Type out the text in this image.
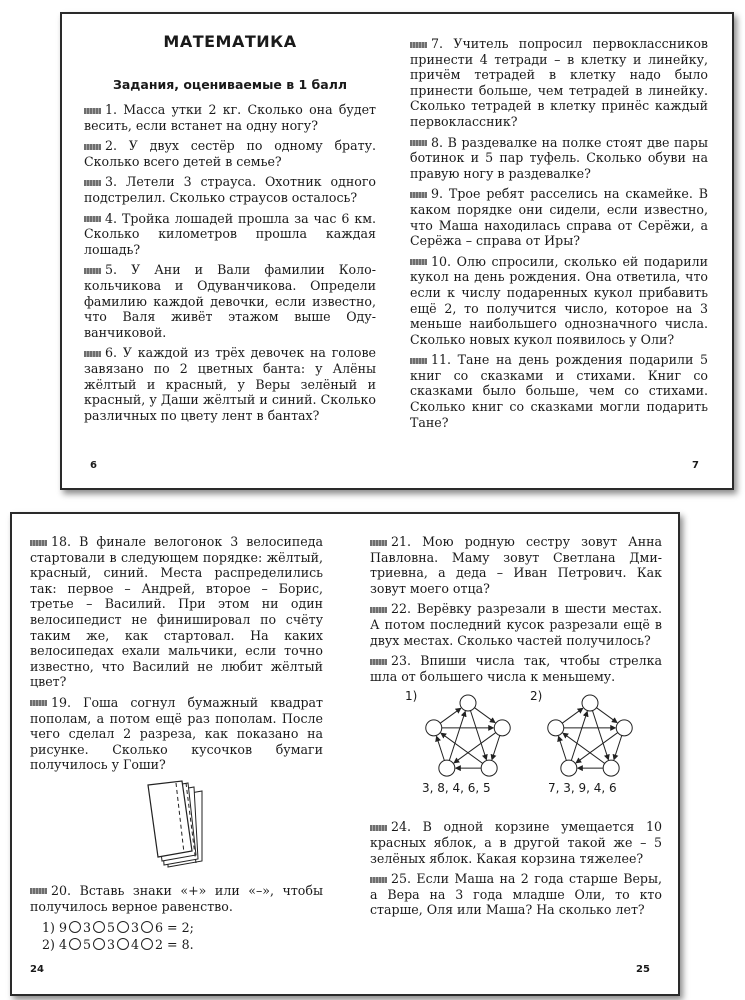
МАТЕМАТИКА
Задания, оцениваемые в 1 балл
1. Масса утки 2 кг. Сколько она будет весить, если встанет на одну ногу?
2. У двух сестёр по одному брату. Сколько всего детей в семье?
3. Летели 3 страуса. Охотник одного подстрелил. Сколько страусов осталось?
4. Тройка лошадей прошла за час 6 км. Сколько километров прошла каждая лошадь?
5. У Ани и Вали фамилии Колокольчикова и Одуванчикова. Определи фамилию каждой девочки, если известно, что Валя живёт этажом выше Одуванчиковой.
6. У каждой из трёх девочек на голове завязано по 2 цветных банта: у Алёны жёлтый и красный, у Веры зелёный и красный, у Даши жёлтый и синий. Сколько различных по цвету лент в бантах?
6
7. Учитель попросил первоклассников принести 4 тетради – в клетку и линейку, причём тетрадей в клетку надо было принести больше, чем тетрадей в линейку. Сколько тетрадей в клетку принёс каждый первоклассник?
8. В раздевалке на полке стоят две пары ботинок и 5 пар туфель. Сколько обуви на правую ногу в раздевалке?
9. Трое ребят расселись на скамейке. В каком порядке они сидели, если известно, что Маша находилась справа от Серёжи, а Серёжа – справа от Иры?
10. Олю спросили, сколько ей подарили кукол на день рождения. Она ответила, что если к числу подаренных кукол прибавить ещё 2, то получится число, которое на 3 меньше наибольшего однозначного числа. Сколько новых кукол появилось у Оли?
11. Тане на день рождения подарили 5 книг со сказками и стихами. Книг со сказками было больше, чем со стихами. Сколько книг со сказками могли подарить Тане?
7
18. В финале велогонок 3 велосипеда стартовали в следующем порядке: жёлтый, красный, синий. Места распределились так: первое – Андрей, второе – Борис, третье – Василий. При этом ни один велосипедист не финишировал по счёту таким же, как стартовал. На каких велосипедах ехали мальчики, если точно известно, что Василий не любит жёлтый цвет?
19. Гоша согнул бумажный квадрат пополам, а потом ещё раз пополам. После чего сделал 2 разреза, как показано на рисунке. Сколько кусочков бумаги получилось у Гоши?
20. Вставь знаки «+» или «–», чтобы получилось верное равенство.
1) 9 3 5 3 6 = 2;
2) 4 5 3 4 2 = 8.
24
21. Мою родную сестру зовут Анна Павловна. Маму зовут Светлана Дмитриевна, а деда – Иван Петрович. Как зовут моего отца?
22. Верёвку разрезали в шести местах. А потом последний кусок разрезали ещё в двух местах. Сколько частей получилось?
23. Впиши числа так, чтобы стрелка шла от большего числа к меньшему.
1)
3, 8, 4, 6, 5
2)
7, 3, 9, 4, 6
24. В одной корзине умещается 10 красных яблок, а в другой такой же – 5 зелёных яблок. Какая корзина тяжелее?
25. Если Маша на 2 года старше Веры, а Вера на 3 года младше Оли, то кто старше, Оля или Маша? На сколько лет?
25
